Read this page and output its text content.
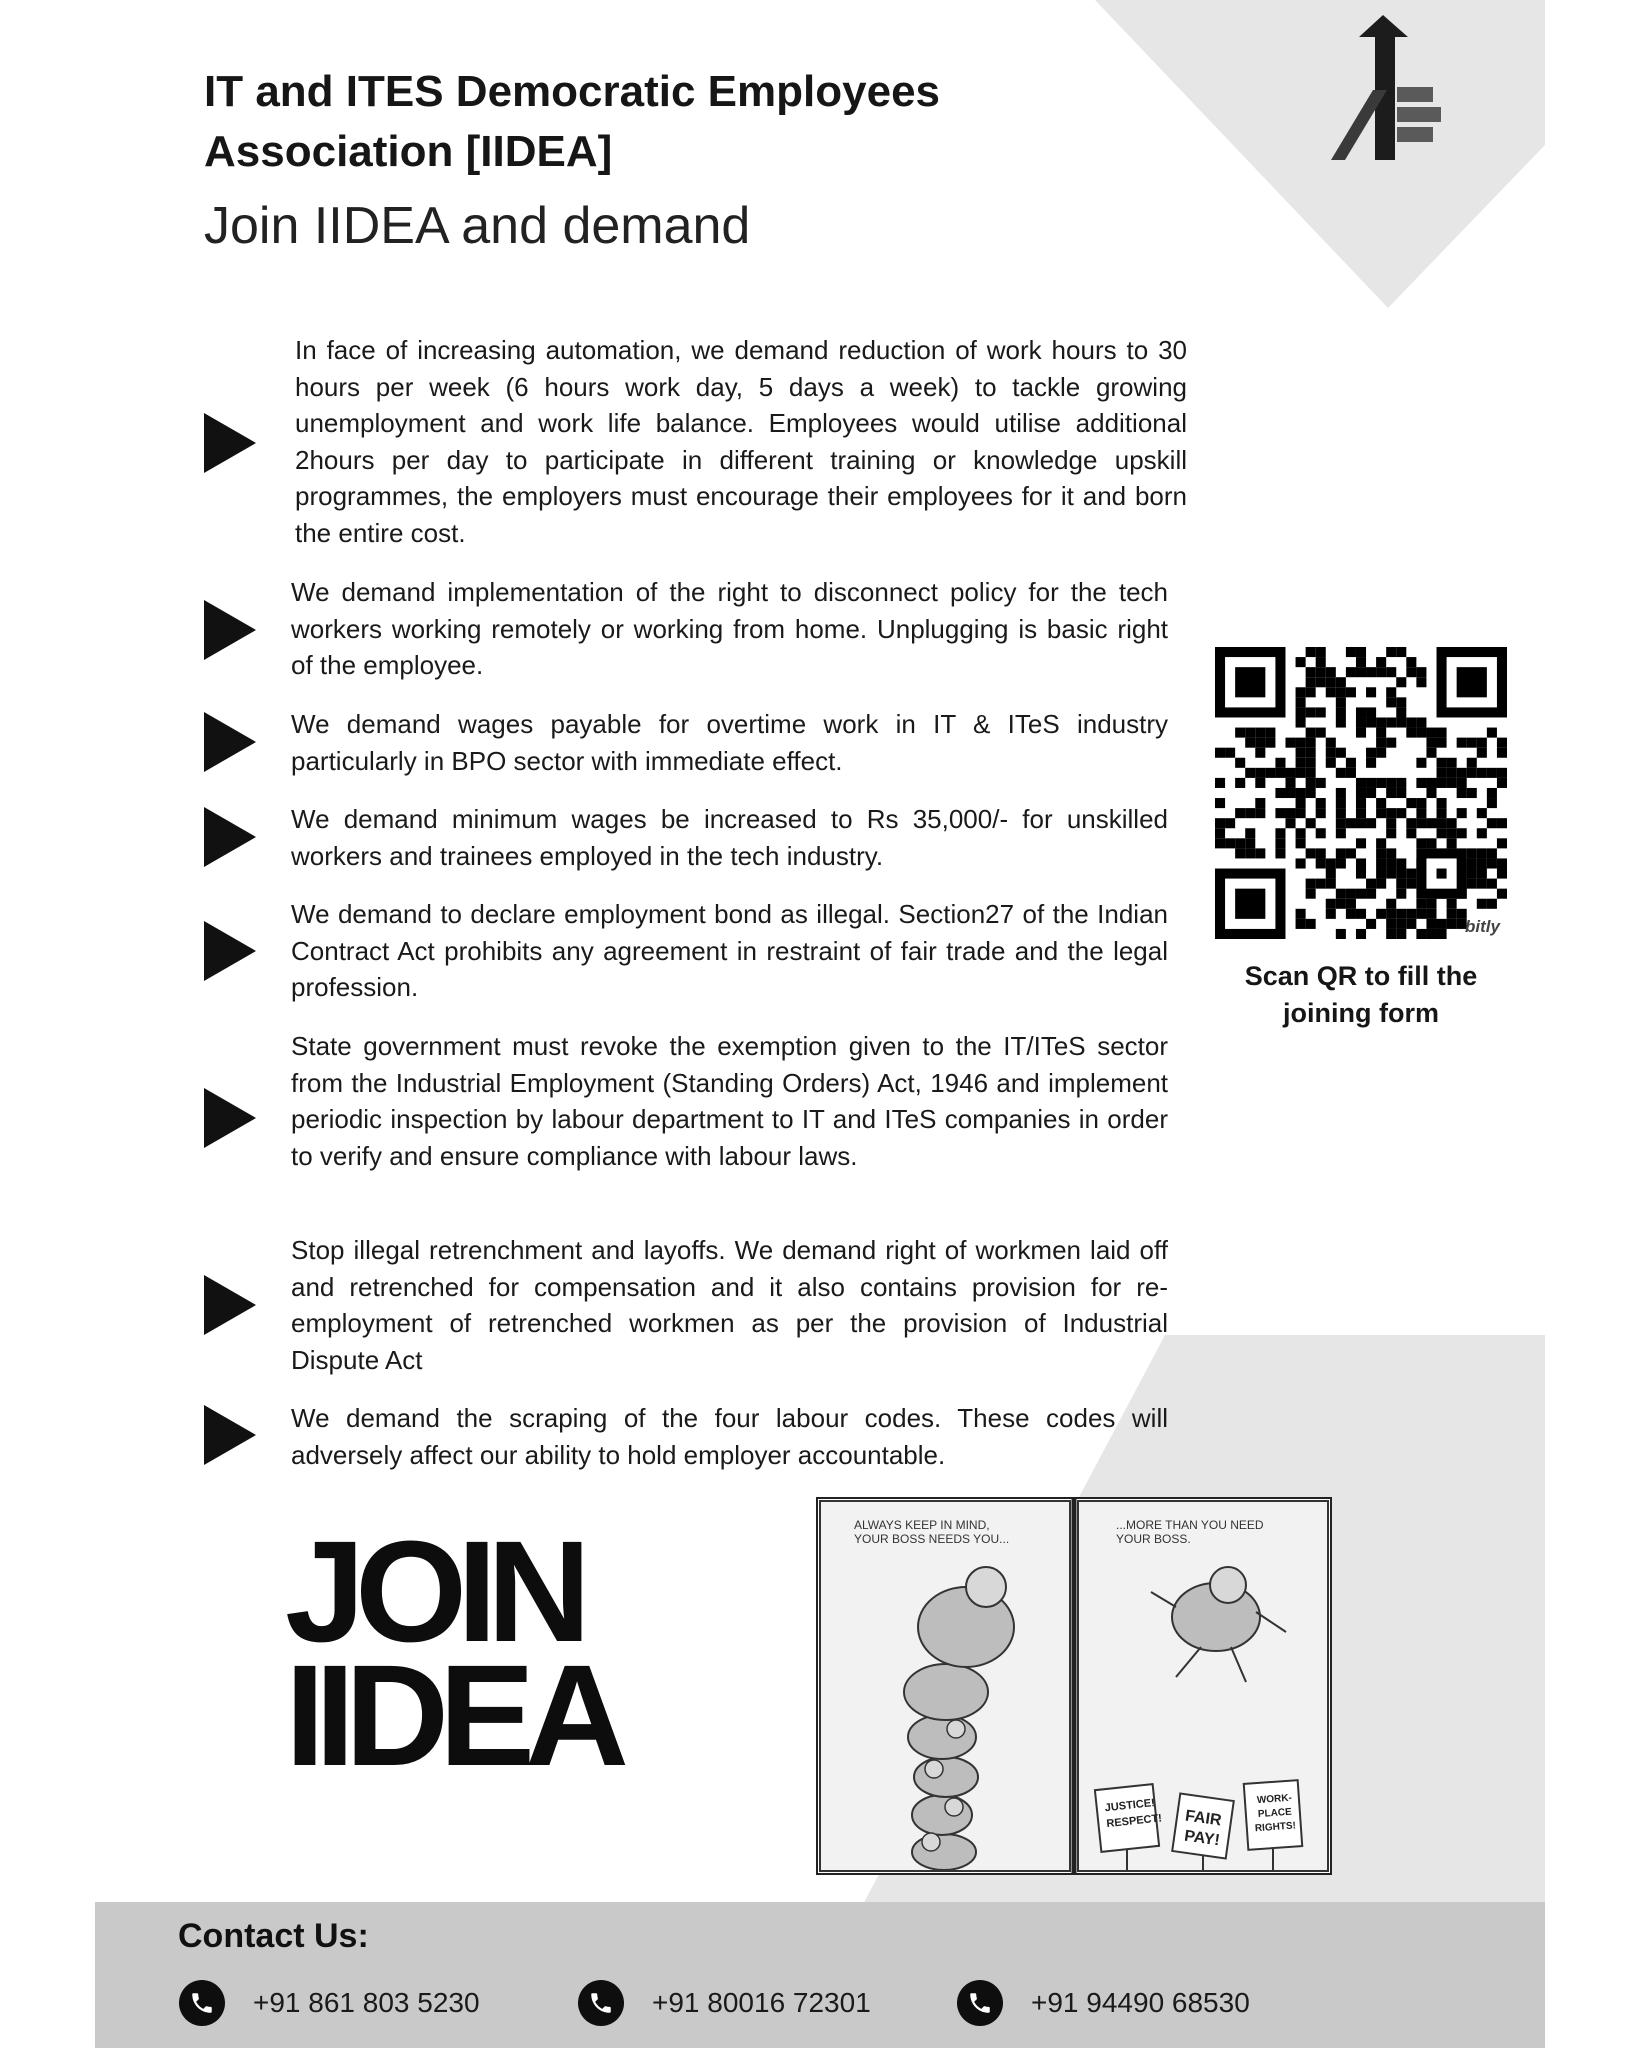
IT and ITES Democratic Employees Association [IIDEA]
Join IIDEA and demand

In face of increasing automation, we demand reduction of work hours to 30 hours per week (6 hours work day, 5 days a week) to tackle growing unemployment and work life balance. Employees would utilise additional 2hours per day to participate in different training or knowledge upskill programmes, the employers must encourage their employees for it and born the entire cost.

We demand implementation of the right to disconnect policy for the tech workers working remotely or working from home. Unplugging is basic right of the employee.

We demand wages payable for overtime work in IT & ITeS industry particularly in BPO sector with immediate effect.

We demand minimum wages be increased to Rs 35,000/- for unskilled workers and trainees employed in the tech industry.

We demand to declare employment bond as illegal. Section27 of the Indian Contract Act prohibits any agreement in restraint of fair trade and the legal profession.

State government must revoke the exemption given to the IT/ITeS sector from the Industrial Employment (Standing Orders) Act, 1946 and implement periodic inspection by labour department to IT and ITeS companies in order to verify and ensure compliance with labour laws.

Stop illegal retrenchment and layoffs. We demand right of workmen laid off and retrenched for compensation and it also contains provision for re-employment of retrenched workmen as per the provision of Industrial Dispute Act

We demand the scraping of the four labour codes. These codes will adversely affect our ability to hold employer accountable.

bitly

Scan QR to fill the joining form

JOIN
IIDEA
ALWAYS KEEP IN MIND, YOUR BOSS NEEDS YOU...
...MORE THAN YOU NEED YOUR BOSS.
JUSTICE! RESPECT! FAIR PAY!
WORK- PLACE RIGHTS!
Contact Us:
+91 861 803 5230	+91 80016 72301	+91 94490 68530
